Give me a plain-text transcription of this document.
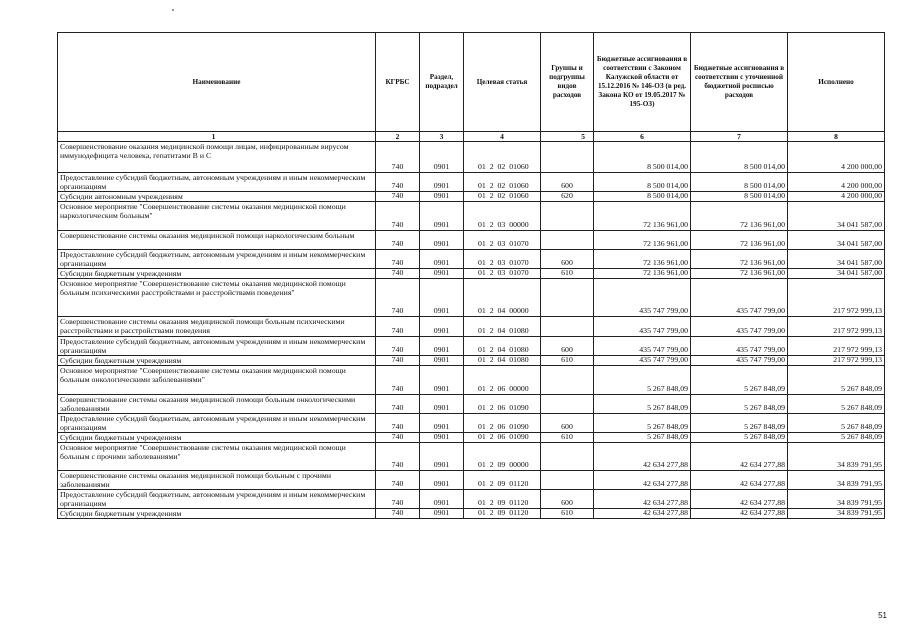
Наименование	КГРБС	Раздел, подраздел	Целевая статья	Группы и подгруппы видов расходов	Бюджетные ассигнования в соответствии с Законом Калужской области от 15.12.2016 № 146-ОЗ (в ред. Закона КО от 19.05.2017 № 195-ОЗ)	Бюджетные ассигнования в соответствии с уточненной бюджетной росписью расходов	Исполнено
1	2	3	4	5	6	7	8
Совершенствование оказания медицинской помощи лицам, инфицированным вирусом иммунодефицита человека, гепатитами В и С	740	0901	01  2  02  01060		8 500 014,00	8 500 014,00	4 200 000,00
Предоставление субсидий бюджетным, автономным учреждениям и иным некоммерческим организациям	740	0901	01  2  02  01060	600	8 500 014,00	8 500 014,00	4 200 000,00
Субсидии автономным учреждениям	740	0901	01  2  02  01060	620	8 500 014,00	8 500 014,00	4 200 000,00
Основное мероприятие "Совершенствование системы оказания медицинской помощи наркологическим больным"	740	0901	01  2  03  00000		72 136 961,00	72 136 961,00	34 041 587,00
Совершенствование системы оказания медицинской помощи наркологическим больным	740	0901	01  2  03  01070		72 136 961,00	72 136 961,00	34 041 587,00
Предоставление субсидий бюджетным, автономным учреждениям и иным некоммерческим организациям	740	0901	01  2  03  01070	600	72 136 961,00	72 136 961,00	34 041 587,00
Субсидии бюджетным учреждениям	740	0901	01  2  03  01070	610	72 136 961,00	72 136 961,00	34 041 587,00
Основное мероприятие "Совершенствование системы оказания медицинской помощи больным психическими расстройствами и расстройствами поведения"	740	0901	01  2  04  00000		435 747 799,00	435 747 799,00	217 972 999,13
Совершенствование системы оказания медицинской помощи больным психическими расстройствами и расстройствами поведения	740	0901	01  2  04  01080		435 747 799,00	435 747 799,00	217 972 999,13
Предоставление субсидий бюджетным, автономным учреждениям и иным некоммерческим организациям	740	0901	01  2  04  01080	600	435 747 799,00	435 747 799,00	217 972 999,13
Субсидии бюджетным учреждениям	740	0901	01  2  04  01080	610	435 747 799,00	435 747 799,00	217 972 999,13
Основное мероприятие "Совершенствование системы оказания медицинской помощи больным онкологическими заболеваниями"	740	0901	01  2  06  00000		5 267 848,09	5 267 848,09	5 267 848,09
Совершенствование системы оказания медицинской помощи больным онкологическими заболеваниями	740	0901	01  2  06  01090		5 267 848,09	5 267 848,09	5 267 848,09
Предоставление субсидий бюджетным, автономным учреждениям и иным некоммерческим организациям	740	0901	01  2  06  01090	600	5 267 848,09	5 267 848,09	5 267 848,09
Субсидии бюджетным учреждениям	740	0901	01  2  06  01090	610	5 267 848,09	5 267 848,09	5 267 848,09
Основное мероприятие "Совершенствование системы оказания медицинской помощи больным с прочими заболеваниями"	740	0901	01  2  09  00000		42 634 277,88	42 634 277,88	34 839 791,95
Совершенствование системы оказания медицинской помощи больным с прочими заболеваниями	740	0901	01  2  09  01120		42 634 277,88	42 634 277,88	34 839 791,95
Предоставление субсидий бюджетным, автономным учреждениям и иным некоммерческим организациям	740	0901	01  2  09  01120	600	42 634 277,88	42 634 277,88	34 839 791,95
Субсидии бюджетным учреждениям	740	0901	01  2  09  01120	610	42 634 277,88	42 634 277,88	34 839 791,95
51
